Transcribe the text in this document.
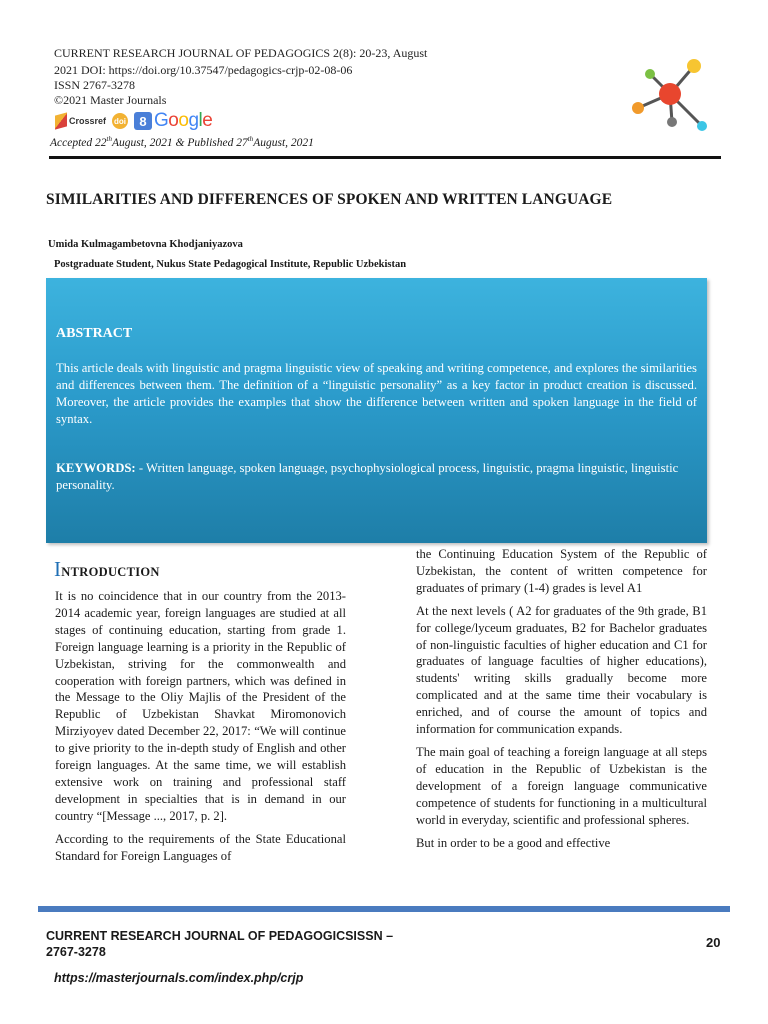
CURRENT RESEARCH JOURNAL OF PEDAGOGICS 2(8): 20-23, August
2021 DOI: https://doi.org/10.37547/pedagogics-crjp-02-08-06
ISSN 2767-3278
©2021 Master Journals
Crossref doi	8 Google
Accepted 22thAugust, 2021 & Published 27thAugust, 2021
SIMILARITIES AND DIFFERENCES OF SPOKEN AND WRITTEN LANGUAGE
Umida Kulmagambetovna Khodjaniyazova
Postgraduate Student, Nukus State Pedagogical Institute, Republic Uzbekistan
ABSTRACT
This article deals with linguistic and pragma linguistic view of speaking and writing competence, and explores the similarities and differences between them. The definition of a “linguistic personality” as a key factor in product creation is discussed. Moreover, the article provides the examples that show the difference between written and spoken language in the field of syntax.
KEYWORDS: - Written language, spoken language, psychophysiological process, linguistic, pragma linguistic, linguistic personality.
INTRODUCTION

It is no coincidence that in our country from the 2013-2014 academic year, foreign languages are studied at all stages of continuing education, starting from grade 1. Foreign language learning is a priority in the Republic of Uzbekistan, striving for the commonwealth and cooperation with foreign partners, which was defined in the Message to the Oliy Majlis of the President of the Republic of Uzbekistan Shavkat Miromonovich Mirziyoyev dated December 22, 2017: “We will continue to give priority to the in-depth study of English and other foreign languages. At the same time, we will establish extensive work on training and professional staff development in specialties that is in demand in our country “[Message ..., 2017, p. 2].

According to the requirements of the State Educational Standard for Foreign Languages of

the Continuing Education System of the Republic of Uzbekistan, the content of written competence for graduates of primary (1-4) grades is level A1

At the next levels ( A2 for graduates of the 9th grade, B1 for college/lyceum graduates, B2 for Bachelor graduates of non-linguistic faculties of higher education and C1 for graduates of language faculties of higher educations), students' writing skills gradually become more complicated and at the same time their vocabulary is enriched, and of course the amount of topics and information for communication expands.

The main goal of teaching a foreign language at all steps of education in the Republic of Uzbekistan is the development of a foreign language communicative competence of students for functioning in a multicultural world in everyday, scientific and professional spheres.

But in order to be a good and effective

CURRENT RESEARCH JOURNAL OF PEDAGOGICSISSN – 2767-3278
20
https://masterjournals.com/index.php/crjp
